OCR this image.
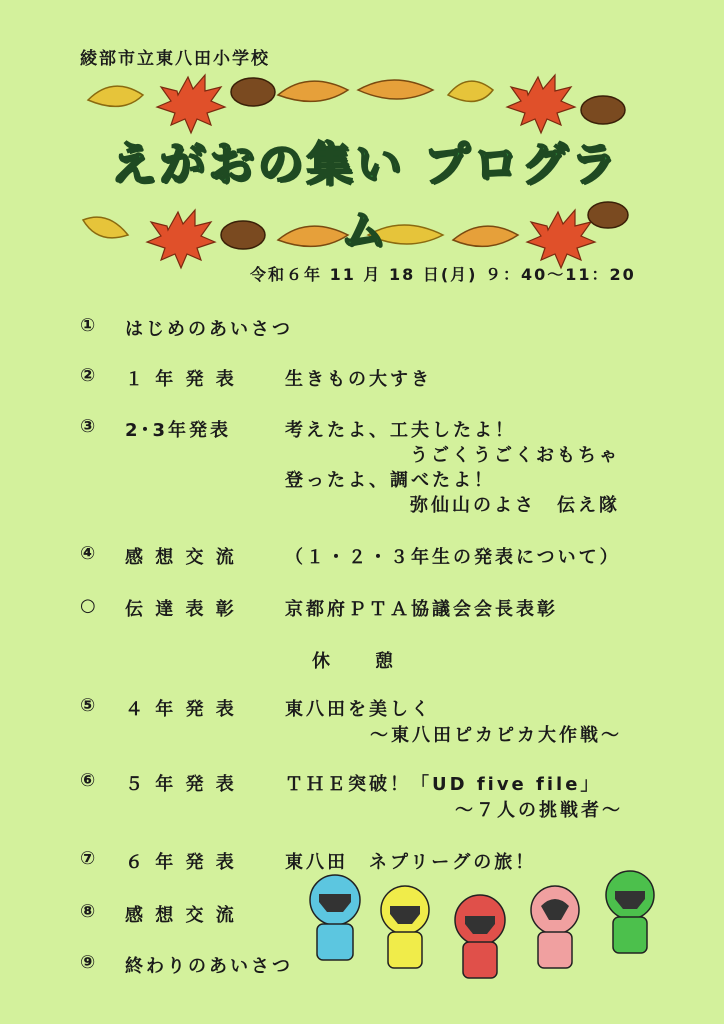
綾部市立東八田小学校
えがおの集い プログラム
令和６年 11 月 18 日(月) ９：40～11：20
① はじめのあいさつ
② １ 年 発 表	生きもの大すき
③ 2･3年発表	考えたよ、工夫したよ！
うごくうごくおもちゃ
登ったよ、調べたよ！
弥仙山のよさ　伝え隊
④ 感 想 交 流	（１・２・３年生の発表について）
○ 伝 達 表 彰	京都府ＰＴＡ協議会会長表彰
休　　憩
⑤ ４ 年 発 表	東八田を美しく
～東八田ピカピカ大作戦～
⑥ ５ 年 発 表	ＴＨＥ突破！「UD five file」
～７人の挑戦者～
⑦ ６ 年 発 表	東八田　ネプリーグの旅！
⑧ 感 想 交 流
⑨ 終わりのあいさつ
